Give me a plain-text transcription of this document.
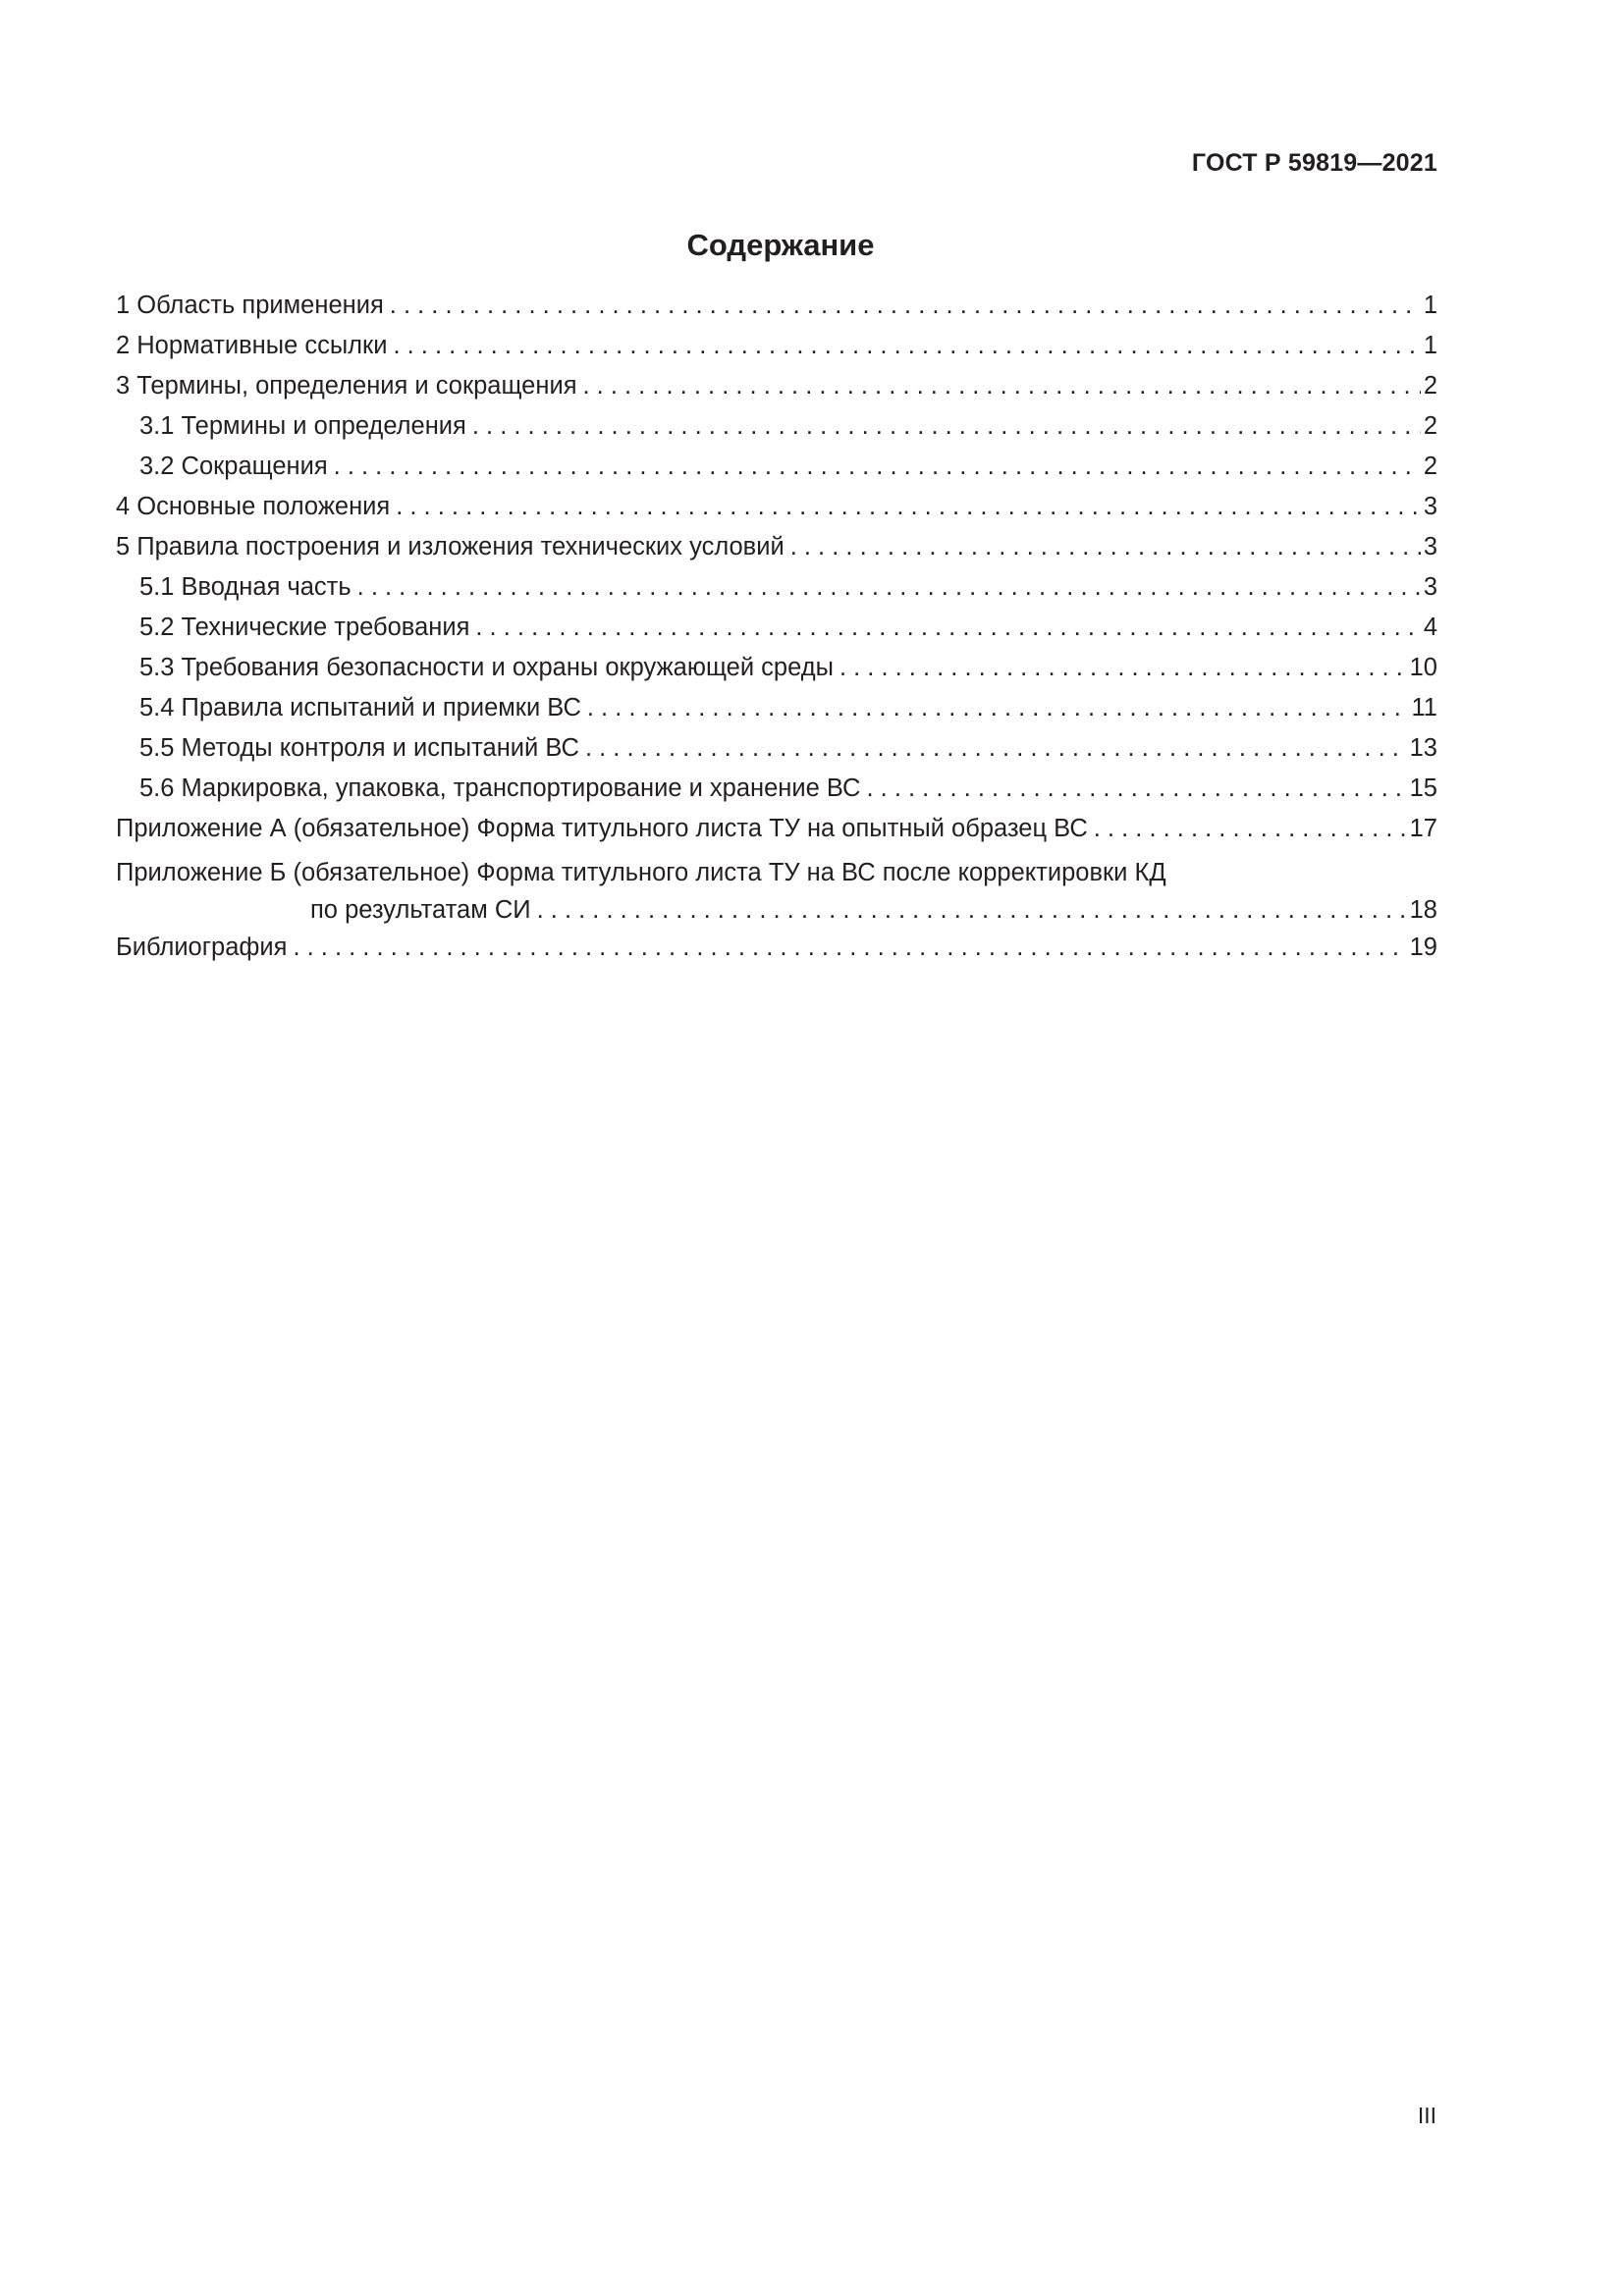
ГОСТ Р 59819—2021
Содержание
1 Область применения . . .	1
2 Нормативные ссылки . . .	1
3 Термины, определения и сокращения . . .	2
3.1 Термины и определения . . .	2
3.2 Сокращения . . .	2
4 Основные положения . . .	3
5 Правила построения и изложения технических условий . . .	3
5.1 Вводная часть . . .	3
5.2 Технические требования . . .	4
5.3 Требования безопасности и охраны окружающей среды . . .	10
5.4 Правила испытаний и приемки ВС . . .	11
5.5 Методы контроля и испытаний ВС . . .	13
5.6 Маркировка, упаковка, транспортирование и хранение ВС . . .	15
Приложение А (обязательное) Форма титульного листа ТУ на опытный образец ВС . . .	17
Приложение Б (обязательное) Форма титульного листа ТУ на ВС после корректировки КД
по результатам СИ . . .	18
Библиография . . .	19
III
